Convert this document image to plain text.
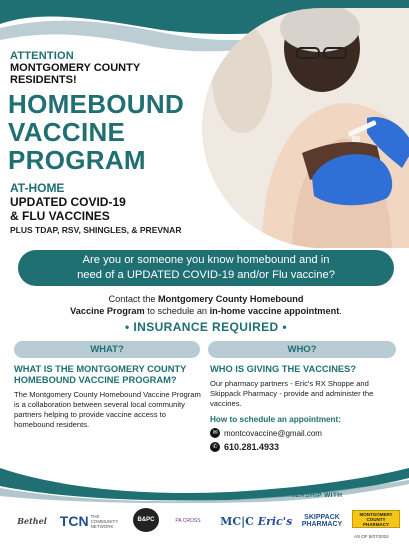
ATTENTION
MONTGOMERY COUNTY
RESIDENTS!
HOMEBOUND
VACCINE
PROGRAM
AT-HOME
UPDATED COVID-19
& FLU VACCINES
PLUS TDAP, RSV, SHINGLES, & PREVNAR
Are you or someone you know homebound and in
need of a UPDATED COVID-19 and/or Flu vaccine?
Contact the Montgomery County Homebound
Vaccine Program to schedule an in-home vaccine appointment.
• INSURANCE REQUIRED •
WHAT?	WHO?
WHAT IS THE MONTGOMERY COUNTY HOMEBOUND VACCINE PROGRAM?
The Montgomery County Homebound Vaccine Program is a collaboration between several local community partners helping to provide vaccine access to homebound residents.
WHO IS GIVING THE VACCINES?
Our pharmacy partners - Eric's RX Shoppe and Skippack Pharmacy - provide and administer the vaccines.
How to schedule an appointment:
✉ montcovaccine@gmail.com
✆ 610.281.4933
IN PARTNERSHIP WITH
Bethel TCN THE COMMUNITY NETWORK
B&PC	PA CROSS	MC|C Eric's	SKIPPACK
PHARMACY
MONTGOMERY COUNTY PHARMACY
AS OF 8/07/2024
